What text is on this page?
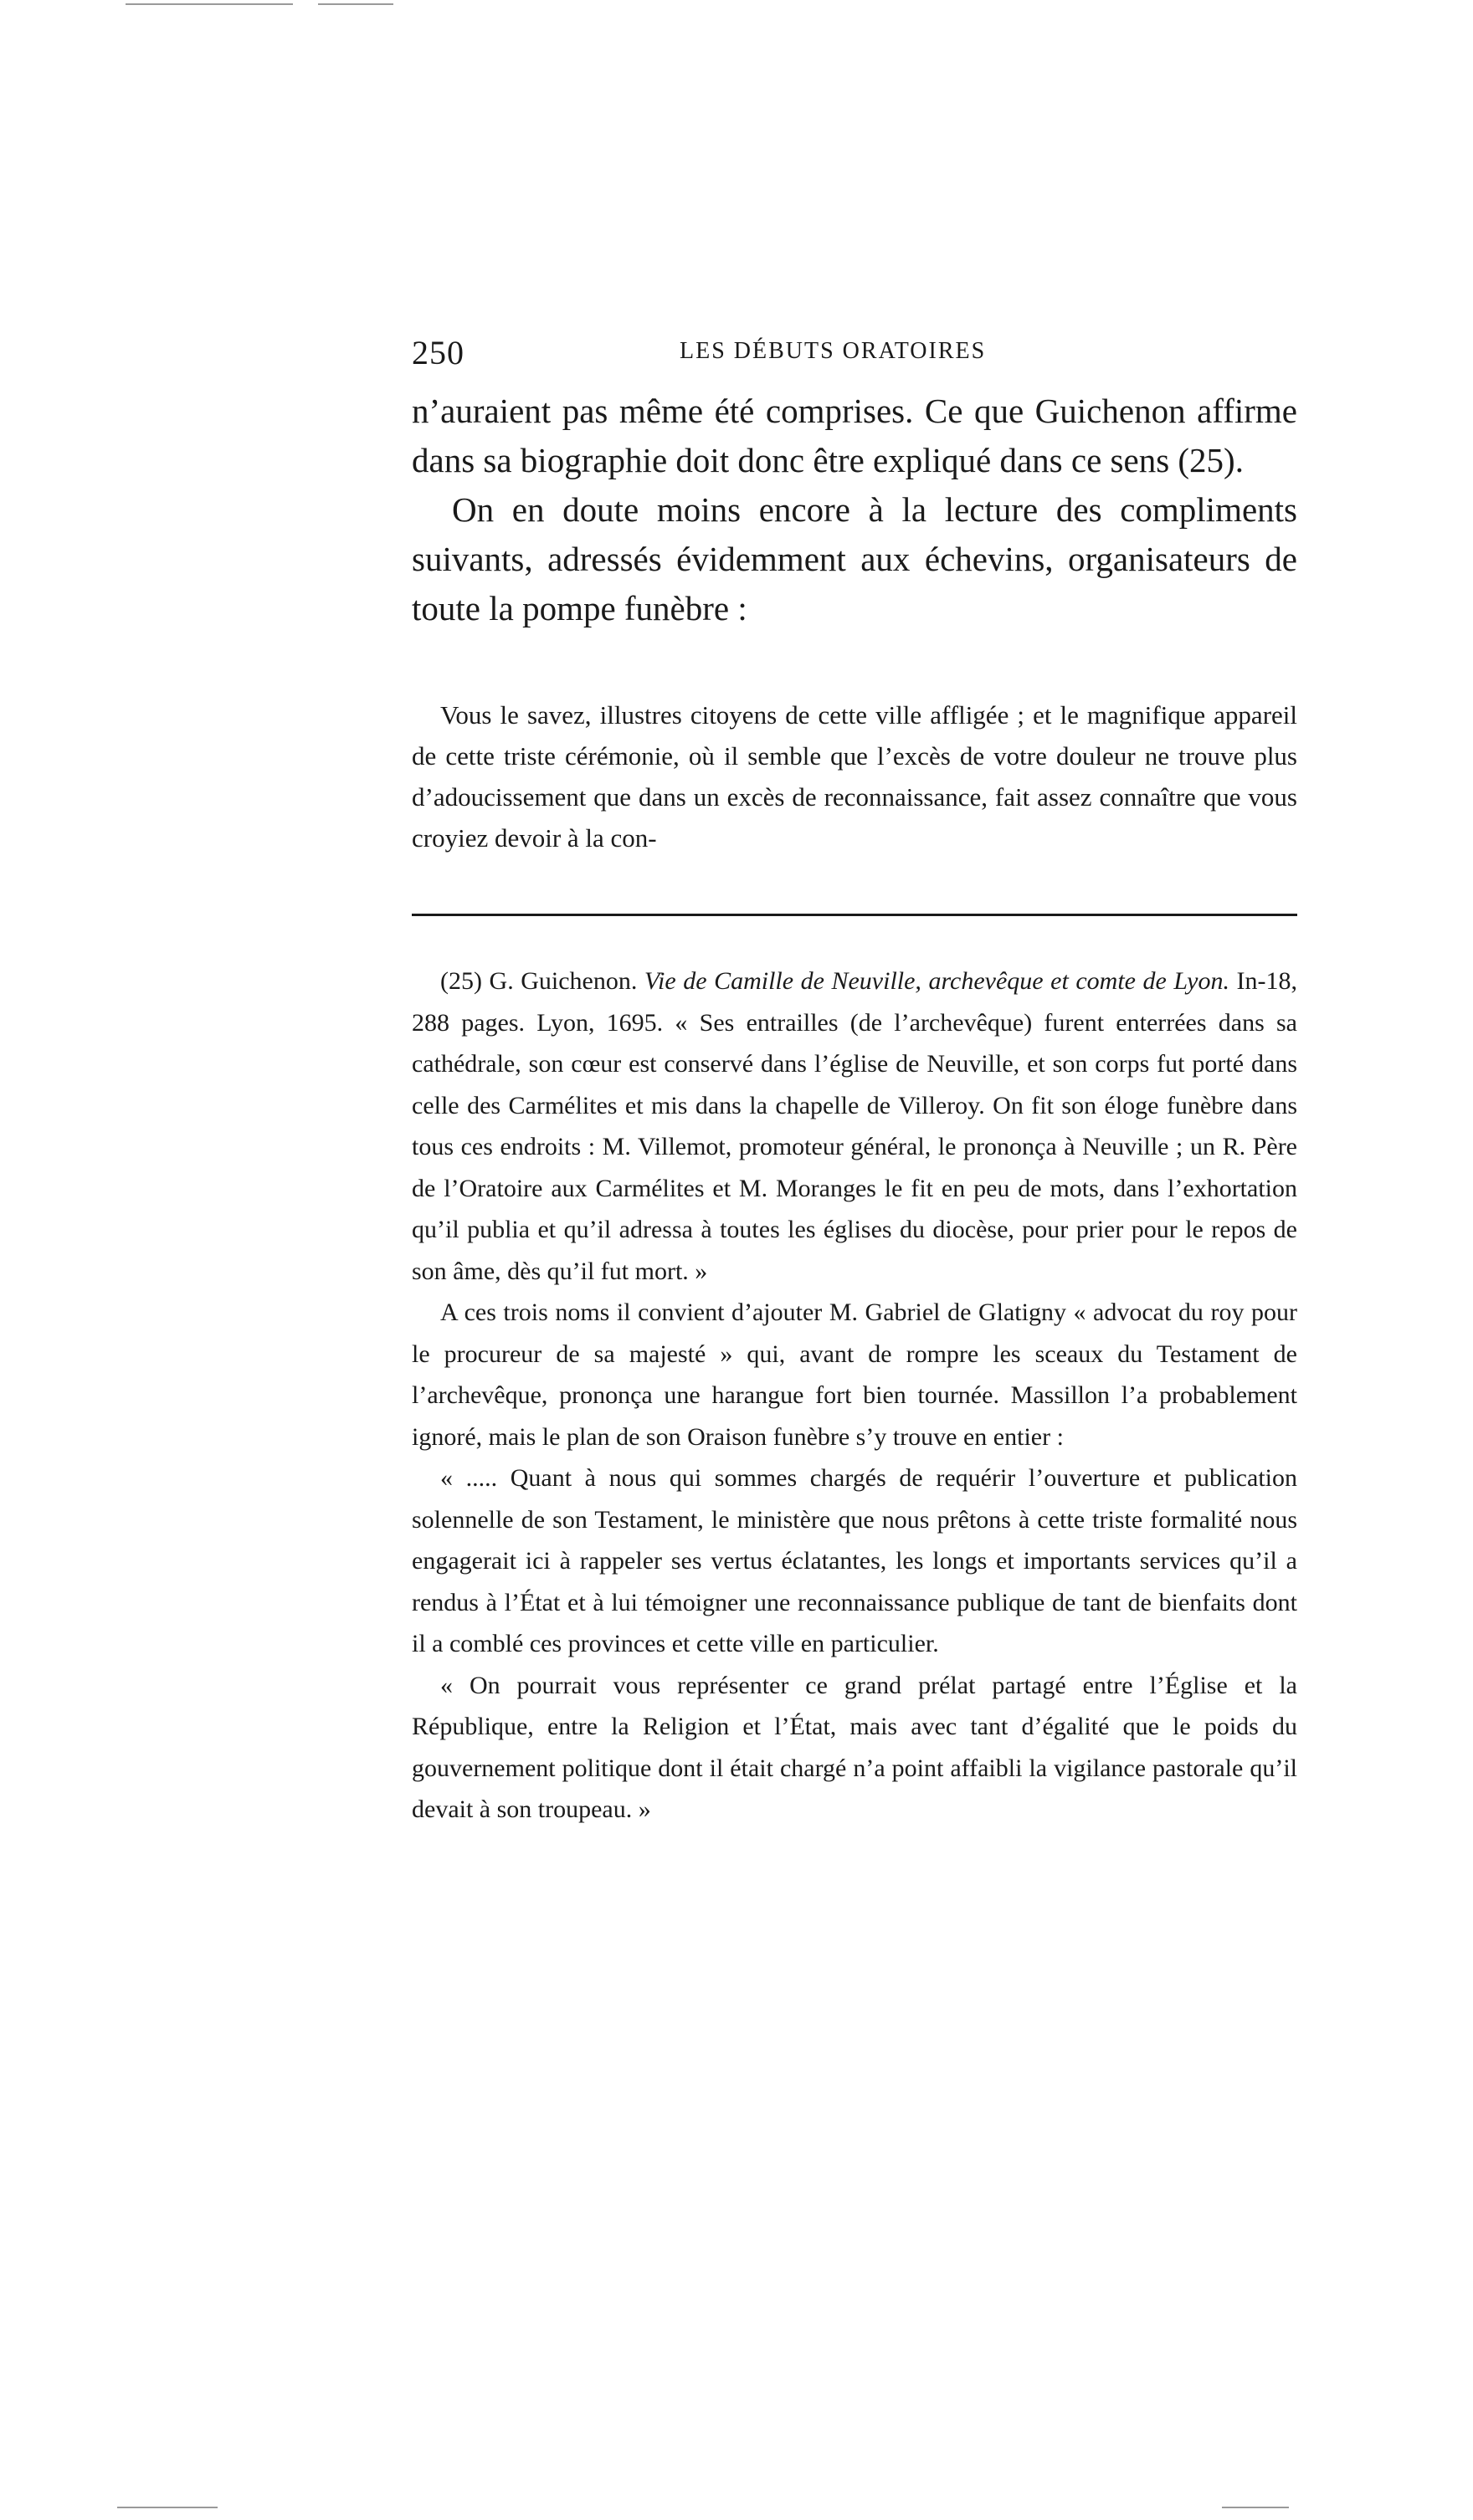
250	LES DÉBUTS ORATOIRES

n’auraient pas même été comprises. Ce que Guichenon affirme dans sa biographie doit donc être expliqué dans ce sens (25).

On en doute moins encore à la lecture des compliments suivants, adressés évidemment aux échevins, organisateurs de toute la pompe funèbre :

Vous le savez, illustres citoyens de cette ville affligée ; et le magnifique appareil de cette triste cérémonie, où il semble que l’excès de votre douleur ne trouve plus d’adoucissement que dans un excès de reconnaissance, fait assez connaître que vous croyiez devoir à la con-

(25) G. Guichenon. Vie de Camille de Neuville, archevêque et comte de Lyon. In-18, 288 pages. Lyon, 1695. « Ses entrailles (de l’archevêque) furent enterrées dans sa cathédrale, son cœur est conservé dans l’église de Neuville, et son corps fut porté dans celle des Carmélites et mis dans la chapelle de Villeroy. On fit son éloge funèbre dans tous ces endroits : M. Villemot, promoteur général, le prononça à Neuville ; un R. Père de l’Oratoire aux Carmélites et M. Moranges le fit en peu de mots, dans l’exhortation qu’il publia et qu’il adressa à toutes les églises du diocèse, pour prier pour le repos de son âme, dès qu’il fut mort. »

A ces trois noms il convient d’ajouter M. Gabriel de Glatigny « advocat du roy pour le procureur de sa majesté » qui, avant de rompre les sceaux du Testament de l’archevêque, prononça une harangue fort bien tournée. Massillon l’a probablement ignoré, mais le plan de son Oraison funèbre s’y trouve en entier :

« ..... Quant à nous qui sommes chargés de requérir l’ouverture et publication solennelle de son Testament, le ministère que nous prêtons à cette triste formalité nous engagerait ici à rappeler ses vertus éclatantes, les longs et importants services qu’il a rendus à l’État et à lui témoigner une reconnaissance publique de tant de bienfaits dont il a comblé ces provinces et cette ville en particulier.

« On pourrait vous représenter ce grand prélat partagé entre l’Église et la République, entre la Religion et l’État, mais avec tant d’égalité que le poids du gouvernement politique dont il était chargé n’a point affaibli la vigilance pastorale qu’il devait à son troupeau. »
